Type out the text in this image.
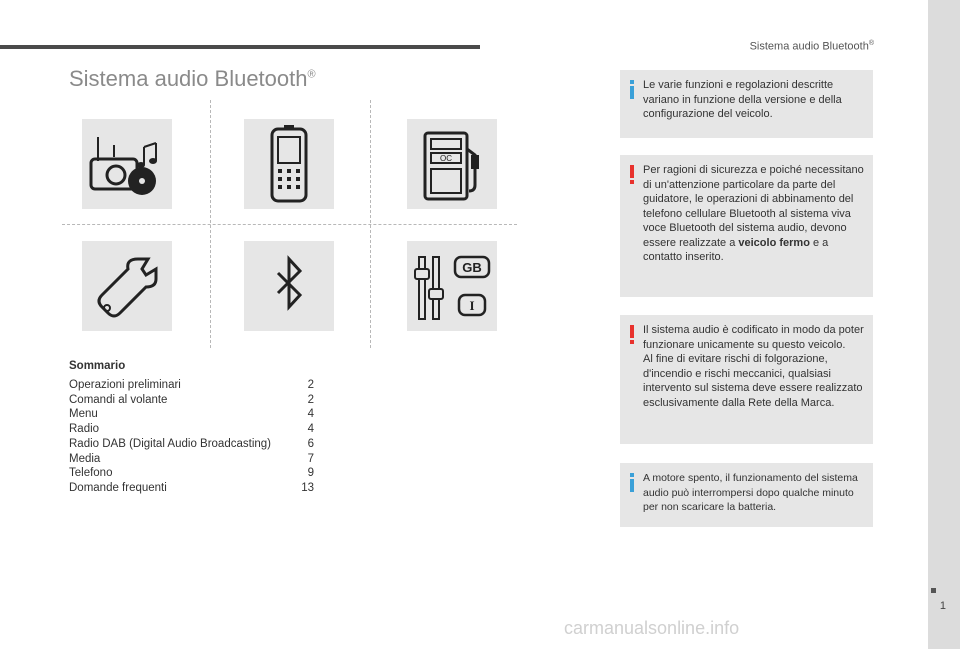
Sistema audio Bluetooth®
1
carmanualsonline.info
Sistema audio Bluetooth®
OC
GB
I
Sommario
Operazioni preliminari	2
Comandi al volante	2
Menu	4
Radio	4
Radio DAB (Digital Audio Broadcasting)	6
Media	7
Telefono	9
Domande frequenti	13

Le varie funzioni e regolazioni descritte variano in funzione della versione e della configurazione del veicolo.

Per ragioni di sicurezza e poiché necessitano di un'attenzione particolare da parte del guidatore, le operazioni di abbinamento del telefono cellulare Bluetooth al sistema viva voce Bluetooth del sistema audio, devono essere realizzate a veicolo fermo e a contatto inserito.

Il sistema audio è codificato in modo da poter funzionare unicamente su questo veicolo.

Al fine di evitare rischi di folgorazione, d'incendio e rischi meccanici, qualsiasi intervento sul sistema deve essere realizzato esclusivamente dalla Rete della Marca.

A motore spento, il funzionamento del sistema audio può interrompersi dopo qualche minuto per non scaricare la batteria.
